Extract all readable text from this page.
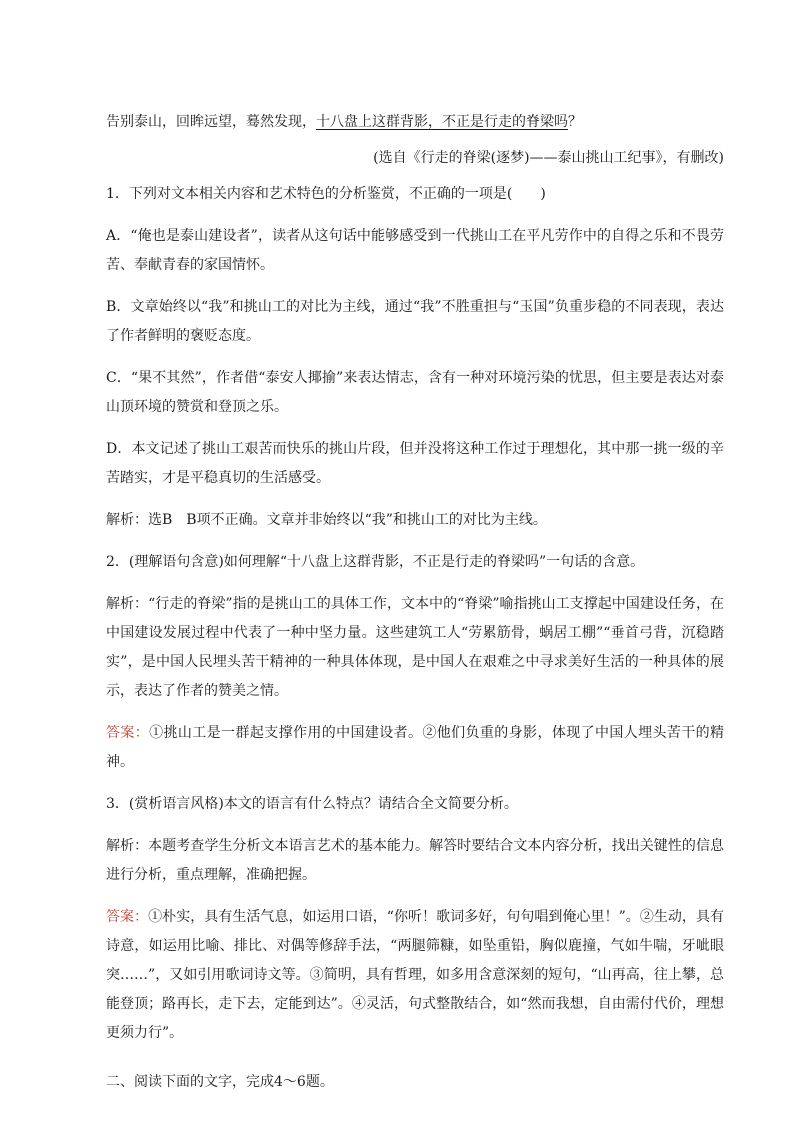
告别泰山，回眸远望，蓦然发现，十八盘上这群背影，不正是行走的脊梁吗？

(选自《行走的脊梁(逐梦)——泰山挑山工纪事》，有删改)

1．下列对文本相关内容和艺术特色的分析鉴赏，不正确的一项是(　　)

A．“俺也是泰山建设者”，读者从这句话中能够感受到一代挑山工在平凡劳作中的自得之乐和不畏劳苦、奉献青春的家国情怀。

B．文章始终以“我”和挑山工的对比为主线，通过“我”不胜重担与“玉国”负重步稳的不同表现，表达了作者鲜明的褒贬态度。

C．“果不其然”，作者借“泰安人揶揄”来表达情志，含有一种对环境污染的忧思，但主要是表达对泰山顶环境的赞赏和登顶之乐。

D．本文记述了挑山工艰苦而快乐的挑山片段，但并没将这种工作过于理想化，其中那一挑一级的辛苦踏实，才是平稳真切的生活感受。

解析：选B　B项不正确。文章并非始终以“我”和挑山工的对比为主线。

2．(理解语句含意)如何理解“十八盘上这群背影，不正是行走的脊梁吗”一句话的含意。

解析：“行走的脊梁”指的是挑山工的具体工作，文本中的“脊梁”喻指挑山工支撑起中国建设任务，在中国建设发展过程中代表了一种中坚力量。这些建筑工人“劳累筋骨，蜗居工棚”“垂首弓背，沉稳踏实”，是中国人民埋头苦干精神的一种具体体现，是中国人在艰难之中寻求美好生活的一种具体的展示，表达了作者的赞美之情。

答案：①挑山工是一群起支撑作用的中国建设者。②他们负重的身影，体现了中国人埋头苦干的精神。

3．(赏析语言风格)本文的语言有什么特点？请结合全文简要分析。

解析：本题考查学生分析文本语言艺术的基本能力。解答时要结合文本内容分析，找出关键性的信息进行分析，重点理解，准确把握。

答案：①朴实，具有生活气息，如运用口语，“你听！歌词多好，句句唱到俺心里！”。②生动，具有诗意，如运用比喻、排比、对偶等修辞手法，“两腿筛糠，如坠重铅，胸似鹿撞，气如牛喘，牙呲眼突……”，又如引用歌词诗文等。③简明，具有哲理，如多用含意深刻的短句，“山再高，往上攀，总能登顶；路再长，走下去，定能到达”。④灵活，句式整散结合，如“然而我想，自由需付代价，理想更须力行”。

二、阅读下面的文字，完成4～6题。
